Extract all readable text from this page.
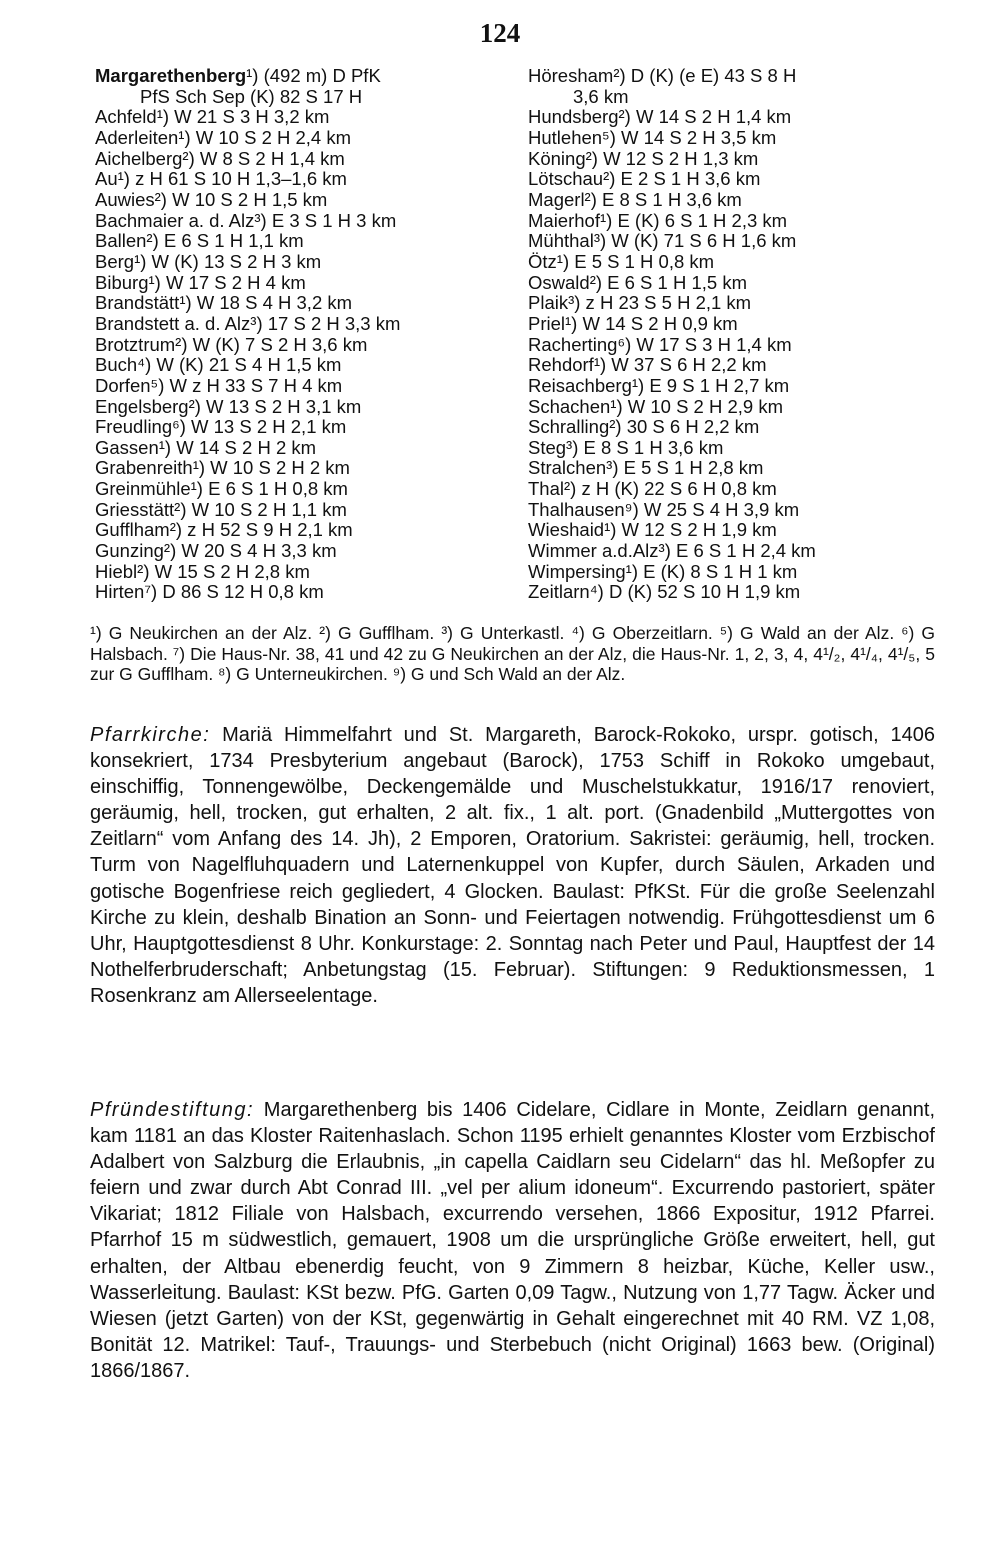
124
Margarethenberg¹) (492 m) D PfK
PfS Sch Sep (K) 82 S 17 H
Achfeld¹) W 21 S 3 H 3,2 km
Aderleiten¹) W 10 S 2 H 2,4 km
Aichelberg²) W 8 S 2 H 1,4 km
Au¹) z H 61 S 10 H 1,3–1,6 km
Auwies²) W 10 S 2 H 1,5 km
Bachmaier a. d. Alz³) E 3 S 1 H 3 km
Ballen²) E 6 S 1 H 1,1 km
Berg¹) W (K) 13 S 2 H 3 km
Biburg¹) W 17 S 2 H 4 km
Brandstätt¹) W 18 S 4 H 3,2 km
Brandstett a. d. Alz³) 17 S 2 H 3,3 km
Brotztrum²) W (K) 7 S 2 H 3,6 km
Buch⁴) W (K) 21 S 4 H 1,5 km
Dorfen⁵) W z H 33 S 7 H 4 km
Engelsberg²) W 13 S 2 H 3,1 km
Freudling⁶) W 13 S 2 H 2,1 km
Gassen¹) W 14 S 2 H 2 km
Grabenreith¹) W 10 S 2 H 2 km
Greinmühle¹) E 6 S 1 H 0,8 km
Griesstätt²) W 10 S 2 H 1,1 km
Gufflham²) z H 52 S 9 H 2,1 km
Gunzing²) W 20 S 4 H 3,3 km
Hiebl²) W 15 S 2 H 2,8 km
Hirten⁷) D 86 S 12 H 0,8 km
Höresham²) D (K) (e E) 43 S 8 H
3,6 km
Hundsberg²) W 14 S 2 H 1,4 km
Hutlehen⁵) W 14 S 2 H 3,5 km
Köning²) W 12 S 2 H 1,3 km
Lötschau²) E 2 S 1 H 3,6 km
Magerl²) E 8 S 1 H 3,6 km
Maierhof¹) E (K) 6 S 1 H 2,3 km
Mühthal³) W (K) 71 S 6 H 1,6 km
Ötz¹) E 5 S 1 H 0,8 km
Oswald²) E 6 S 1 H 1,5 km
Plaik³) z H 23 S 5 H 2,1 km
Priel¹) W 14 S 2 H 0,9 km
Racherting⁶) W 17 S 3 H 1,4 km
Rehdorf¹) W 37 S 6 H 2,2 km
Reisachberg¹) E 9 S 1 H 2,7 km
Schachen¹) W 10 S 2 H 2,9 km
Schralling²) 30 S 6 H 2,2 km
Steg³) E 8 S 1 H 3,6 km
Stralchen³) E 5 S 1 H 2,8 km
Thal²) z H (K) 22 S 6 H 0,8 km
Thalhausen⁹) W 25 S 4 H 3,9 km
Wieshaid¹) W 12 S 2 H 1,9 km
Wimmer a.d.Alz³) E 6 S 1 H 2,4 km
Wimpersing¹) E (K) 8 S 1 H 1 km
Zeitlarn⁴) D (K) 52 S 10 H 1,9 km
¹) G Neukirchen an der Alz. ²) G Gufflham. ³) G Unterkastl. ⁴) G Oberzeitlarn. ⁵) G Wald an der Alz. ⁶) G Halsbach. ⁷) Die Haus-Nr. 38, 41 und 42 zu G Neukirchen an der Alz, die Haus-Nr. 1, 2, 3, 4, 4¹/₂, 4¹/₄, 4¹/₅, 5 zur G Gufflham. ⁸) G Unterneukirchen. ⁹) G und Sch Wald an der Alz.
Pfarrkirche: Mariä Himmelfahrt und St. Margareth, Barock-Rokoko, urspr. gotisch, 1406 konsekriert, 1734 Presbyterium angebaut (Barock), 1753 Schiff in Rokoko umgebaut, einschiffig, Tonnengewölbe, Deckengemälde und Muschelstukkatur, 1916/17 renoviert, geräumig, hell, trocken, gut erhalten, 2 alt. fix., 1 alt. port. (Gnadenbild „Muttergottes von Zeitlarn“ vom Anfang des 14. Jh), 2 Emporen, Oratorium. Sakristei: geräumig, hell, trocken. Turm von Nagelfluhquadern und Laternenkuppel von Kupfer, durch Säulen, Arkaden und gotische Bogenfriese reich gegliedert, 4 Glocken. Baulast: PfKSt. Für die große Seelenzahl Kirche zu klein, deshalb Bination an Sonn- und Feiertagen notwendig. Frühgottesdienst um 6 Uhr, Hauptgottesdienst 8 Uhr. Konkurstage: 2. Sonntag nach Peter und Paul, Hauptfest der 14 Nothelferbruderschaft; Anbetungstag (15. Februar). Stiftungen: 9 Reduktionsmessen, 1 Rosenkranz am Allerseelentage.
Pfründestiftung: Margarethenberg bis 1406 Cidelare, Cidlare in Monte, Zeidlarn genannt, kam 1181 an das Kloster Raitenhaslach. Schon 1195 erhielt genanntes Kloster vom Erzbischof Adalbert von Salzburg die Erlaubnis, „in capella Caidlarn seu Cidelarn“ das hl. Meßopfer zu feiern und zwar durch Abt Conrad III. „vel per alium idoneum“. Excurrendo pastoriert, später Vikariat; 1812 Filiale von Halsbach, excurrendo versehen, 1866 Expositur, 1912 Pfarrei. Pfarrhof 15 m südwestlich, gemauert, 1908 um die ursprüngliche Größe erweitert, hell, gut erhalten, der Altbau ebenerdig feucht, von 9 Zimmern 8 heizbar, Küche, Keller usw., Wasserleitung. Baulast: KSt bezw. PfG. Garten 0,09 Tagw., Nutzung von 1,77 Tagw. Äcker und Wiesen (jetzt Garten) von der KSt, gegenwärtig in Gehalt eingerechnet mit 40 RM. VZ 1,08, Bonität 12. Matrikel: Tauf-, Trauungs- und Sterbebuch (nicht Original) 1663 bew. (Original) 1866/1867.
